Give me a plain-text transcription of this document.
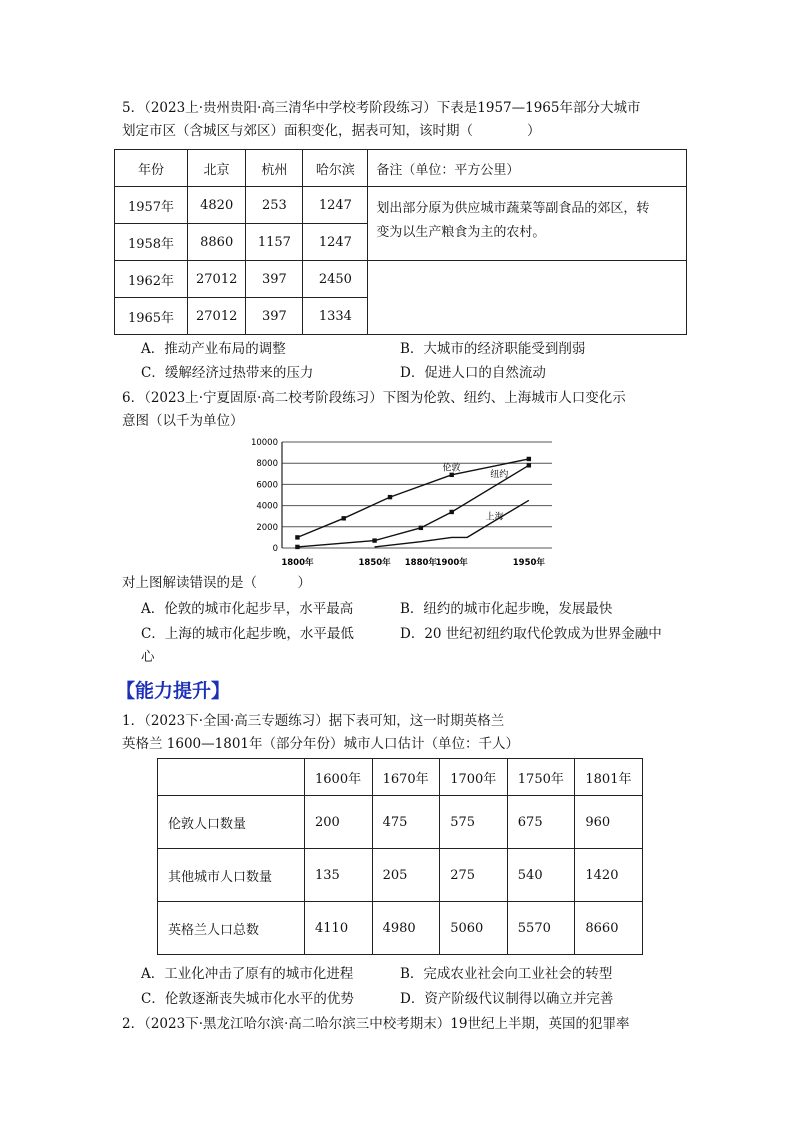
5．（2023上·贵州贵阳·高三清华中学校考阶段练习）下表是1957—1965年部分大城市
划定市区（含城区与郊区）面积变化，据表可知，该时期（　　　　）
年份	北京	杭州	哈尔滨	备注（单位：平方公里）
1957年	4820	253	1247	划出部分原为供应城市蔬菜等副食品的郊区，转
变为以生产粮食为主的农村。

1958年	8860	1157	1247	
1962年	27012	397	2450	
1965年	27012	397	1334	
A．推动产业布局的调整	B．大城市的经济职能受到削弱
C．缓解经济过热带来的压力	D．促进人口的自然流动
6．（2023上·宁夏固原·高二校考阶段练习）下图为伦敦、纽约、上海城市人口变化示
意图（以千为单位）
0
2000
4000
6000
8000
10000
1800年	1850年 1880年
1900年	1950年
伦敦
纽约
上海
对上图解读错误的是（　　　）
A．伦敦的城市化起步早，水平最高	B．纽约的城市化起步晚，发展最快
C．上海的城市化起步晚，水平最低	D．20 世纪初纽约取代伦敦成为世界金融中
心
【能力提升】
1．（2023下·全国·高三专题练习）据下表可知，这一时期英格兰
英格兰 1600—1801年（部分年份）城市人口估计（单位：千人）
	1600年	1670年	1700年	1750年	1801年
伦敦人口数量	200	475	575	675	960
其他城市人口数量	135	205	275	540	1420
英格兰人口总数	4110	4980	5060	5570	8660
A．工业化冲击了原有的城市化进程	B．完成农业社会向工业社会的转型
C．伦敦逐渐丧失城市化水平的优势	D．资产阶级代议制得以确立并完善
2．（2023下·黑龙江哈尔滨·高二哈尔滨三中校考期末）19世纪上半期，英国的犯罪率
